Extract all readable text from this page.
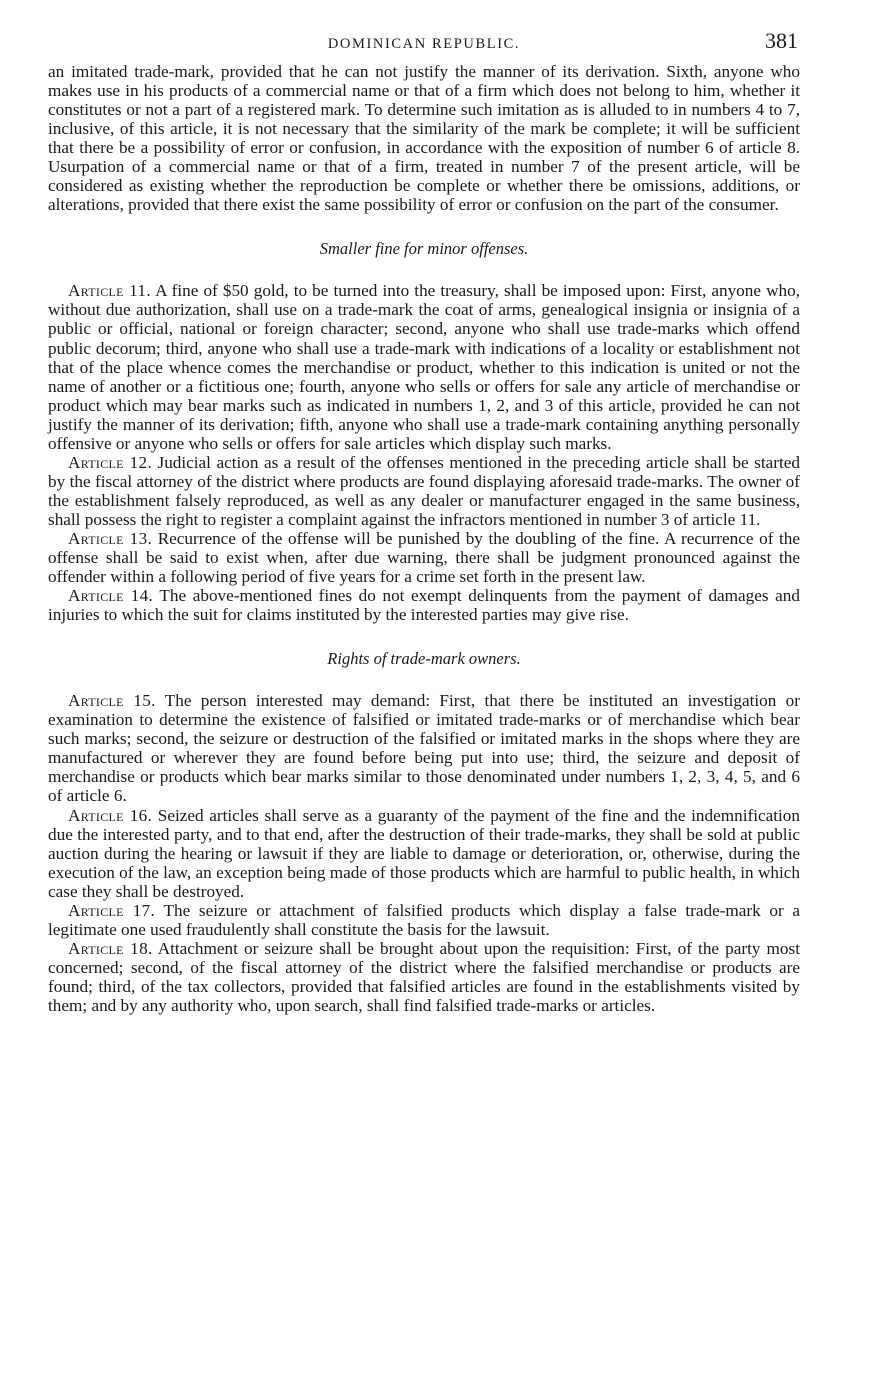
DOMINICAN REPUBLIC.	381

an imitated trade-mark, provided that he can not justify the manner of its derivation. Sixth, anyone who makes use in his products of a commercial name or that of a firm which does not belong to him, whether it constitutes or not a part of a registered mark. To determine such imitation as is alluded to in numbers 4 to 7, inclusive, of this article, it is not necessary that the similarity of the mark be complete; it will be sufficient that there be a possibility of error or confusion, in accordance with the exposition of number 6 of article 8. Usurpation of a commercial name or that of a firm, treated in number 7 of the present article, will be considered as existing whether the reproduction be complete or whether there be omissions, additions, or alterations, provided that there exist the same possibility of error or confusion on the part of the consumer.

Smaller fine for minor offenses.

Article 11. A fine of $50 gold, to be turned into the treasury, shall be imposed upon: First, anyone who, without due authorization, shall use on a trade-mark the coat of arms, genealogical insignia or insignia of a public or official, national or foreign character; second, anyone who shall use trade-marks which offend public decorum; third, anyone who shall use a trade-mark with indications of a locality or establishment not that of the place whence comes the merchandise or product, whether to this indication is united or not the name of another or a fictitious one; fourth, anyone who sells or offers for sale any article of merchandise or product which may bear marks such as indicated in numbers 1, 2, and 3 of this article, provided he can not justify the manner of its derivation; fifth, anyone who shall use a trade-mark containing anything personally offensive or anyone who sells or offers for sale articles which display such marks.

Article 12. Judicial action as a result of the offenses mentioned in the preceding article shall be started by the fiscal attorney of the district where products are found displaying aforesaid trade-marks. The owner of the establishment falsely reproduced, as well as any dealer or manufacturer engaged in the same business, shall possess the right to register a complaint against the infractors mentioned in number 3 of article 11.

Article 13. Recurrence of the offense will be punished by the doubling of the fine. A recurrence of the offense shall be said to exist when, after due warning, there shall be judgment pronounced against the offender within a following period of five years for a crime set forth in the present law.

Article 14. The above-mentioned fines do not exempt delinquents from the payment of damages and injuries to which the suit for claims instituted by the interested parties may give rise.

Rights of trade-mark owners.

Article 15. The person interested may demand: First, that there be instituted an investigation or examination to determine the existence of falsified or imitated trade-marks or of merchandise which bear such marks; second, the seizure or destruction of the falsified or imitated marks in the shops where they are manufactured or wherever they are found before being put into use; third, the seizure and deposit of merchandise or products which bear marks similar to those denominated under numbers 1, 2, 3, 4, 5, and 6 of article 6.

Article 16. Seized articles shall serve as a guaranty of the payment of the fine and the indemnification due the interested party, and to that end, after the destruction of their trade-marks, they shall be sold at public auction during the hearing or lawsuit if they are liable to damage or deterioration, or, otherwise, during the execution of the law, an exception being made of those products which are harmful to public health, in which case they shall be destroyed.

Article 17. The seizure or attachment of falsified products which display a false trade-mark or a legitimate one used fraudulently shall constitute the basis for the lawsuit.

Article 18. Attachment or seizure shall be brought about upon the requisition: First, of the party most concerned; second, of the fiscal attorney of the district where the falsified merchandise or products are found; third, of the tax collectors, provided that falsified articles are found in the establishments visited by them; and by any authority who, upon search, shall find falsified trade-marks or articles.
